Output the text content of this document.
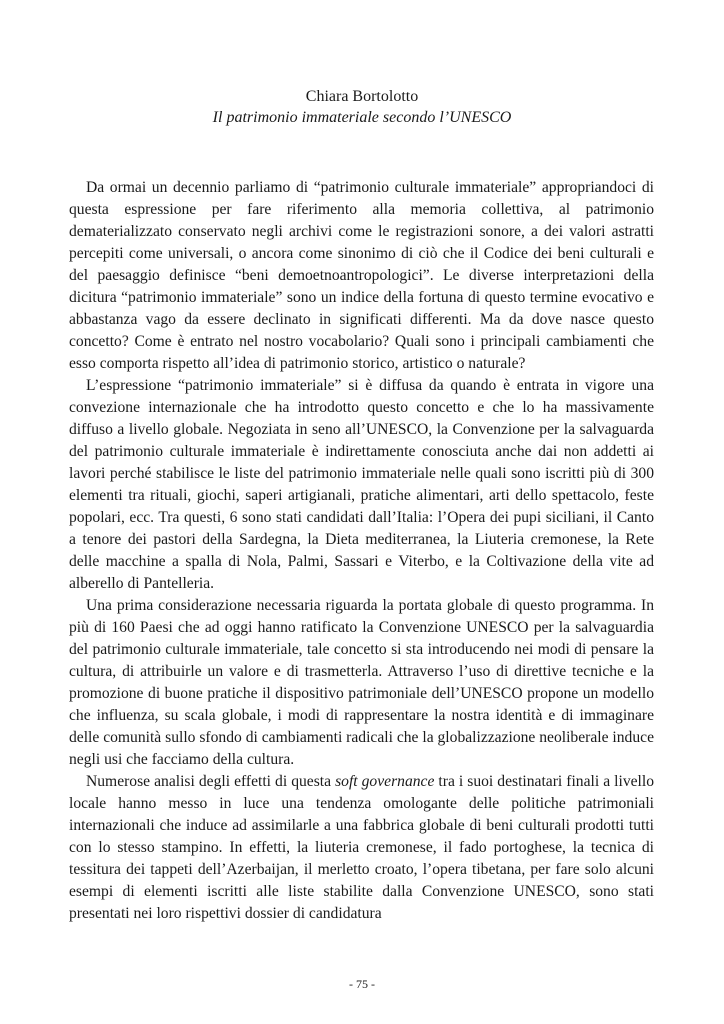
Chiara Bortolotto
Il patrimonio immateriale secondo l’UNESCO

Da ormai un decennio parliamo di “patrimonio culturale immateriale” appropriandoci di questa espressione per fare riferimento alla memoria collettiva, al patrimonio dematerializzato conservato negli archivi come le registrazioni sonore, a dei valori astratti percepiti come universali, o ancora come sinonimo di ciò che il Codice dei beni culturali e del paesaggio definisce “beni demoetnoantropologici”. Le diverse interpretazioni della dicitura “patrimonio immateriale” sono un indice della fortuna di questo termine evocativo e abbastanza vago da essere declinato in significati differenti. Ma da dove nasce questo concetto? Come è entrato nel nostro vocabolario? Quali sono i principali cambiamenti che esso comporta rispetto all’idea di patrimonio storico, artistico o naturale?

L’espressione “patrimonio immateriale” si è diffusa da quando è entrata in vigore una convezione internazionale che ha introdotto questo concetto e che lo ha massivamente diffuso a livello globale. Negoziata in seno all’UNESCO, la Convenzione per la salvaguarda del patrimonio culturale immateriale è indirettamente conosciuta anche dai non addetti ai lavori perché stabilisce le liste del patrimonio immateriale nelle quali sono iscritti più di 300 elementi tra rituali, giochi, saperi artigianali, pratiche alimentari, arti dello spettacolo, feste popolari, ecc. Tra questi, 6 sono stati candidati dall’Italia: l’Opera dei pupi siciliani, il Canto a tenore dei pastori della Sardegna, la Dieta mediterranea, la Liuteria cremonese, la Rete delle macchine a spalla di Nola, Palmi, Sassari e Viterbo, e la Coltivazione della vite ad alberello di Pantelleria.

Una prima considerazione necessaria riguarda la portata globale di questo programma. In più di 160 Paesi che ad oggi hanno ratificato la Convenzione UNESCO per la salvaguardia del patrimonio culturale immateriale, tale concetto si sta introducendo nei modi di pensare la cultura, di attribuirle un valore e di trasmetterla. Attraverso l’uso di direttive tecniche e la promozione di buone pratiche il dispositivo patrimoniale dell’UNESCO propone un modello che influenza, su scala globale, i modi di rappresentare la nostra identità e di immaginare delle comunità sullo sfondo di cambiamenti radicali che la globalizzazione neoliberale induce negli usi che facciamo della cultura.

Numerose analisi degli effetti di questa soft governance tra i suoi destinatari finali a livello locale hanno messo in luce una tendenza omologante delle politiche patrimoniali internazionali che induce ad assimilarle a una fabbrica globale di beni culturali prodotti tutti con lo stesso stampino. In effetti, la liuteria cremonese, il fado portoghese, la tecnica di tessitura dei tappeti dell’Azerbaijan, il merletto croato, l’opera tibetana, per fare solo alcuni esempi di elementi iscritti alle liste stabilite dalla Convenzione UNESCO, sono stati presentati nei loro rispettivi dossier di candidatura

- 75 -
